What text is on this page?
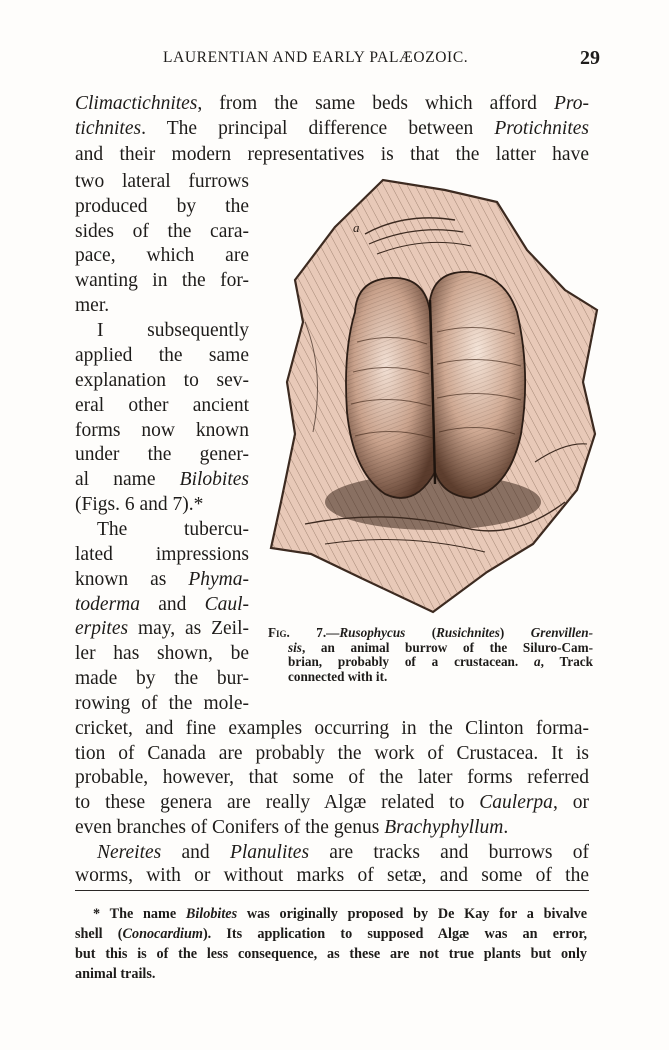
LAURENTIAN AND EARLY PALÆOZOIC.	29
Climactichnites, from the same beds which afford Pro-
tichnites. The principal difference between Protichnites
and their modern representatives is that the latter have
two lateral furrows
produced by the
sides of the cara-
pace, which are
wanting in the for-
mer.
I subsequently
applied the same
explanation to sev-
eral other ancient
forms now known
under the gener-
al name Bilobites
(Figs. 6 and 7).*
The tubercu-
lated impressions
known as Phyma-
toderma and Caul-
erpites may, as Zeil-
ler has shown, be
made by the bur-
rowing of the mole-
cricket, and fine examples occurring in the Clinton forma-
tion of Canada are probably the work of Crustacea. It is
probable, however, that some of the later forms referred
to these genera are really Algæ related to Caulerpa, or
even branches of Conifers of the genus Brachyphyllum.
Nereites and Planulites are tracks and burrows of
worms, with or without marks of setæ, and some of the
a
Fig. 7.—Rusophycus (Rusichnites) Grenvillen-
sis, an animal burrow of the Siluro-Cam-
brian, probably of a crustacean. a, Track
connected with it.
* The name Bilobites was originally proposed by De Kay for a bivalve
shell (Conocardium). Its application to supposed Algæ was an error,
but this is of the less consequence, as these are not true plants but only
animal trails.
